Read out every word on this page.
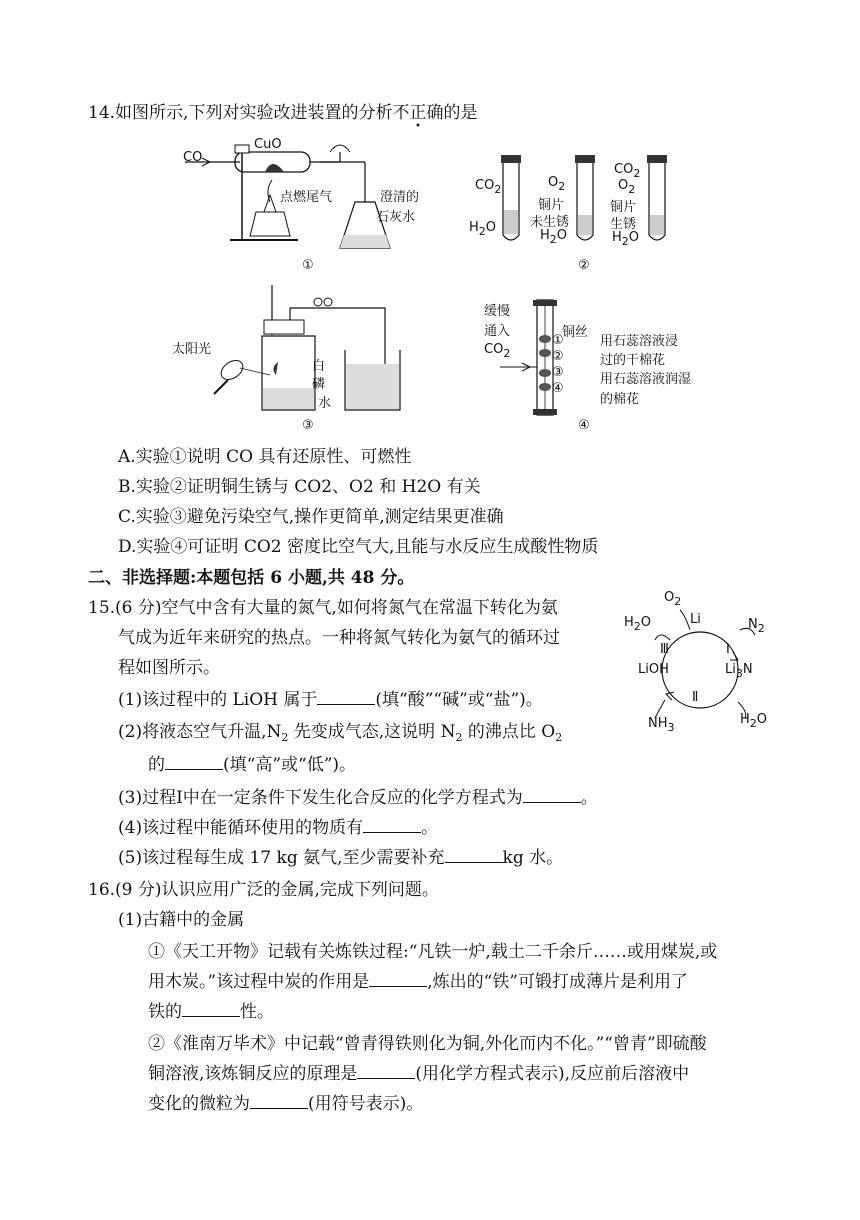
14.如图所示,下列对实验改进装置的分析不正确的是
CO
CuO
点燃尾气	澄清的
石灰水
①
$CO_2$
$H_2O$
$O_2$
铜片
未生锈
$H_2O$
$CO_2$
$O_2$
铜片
生锈
$H_2O$
②
太阳光
白
磷
水
③
缓慢
通入
$CO_2$
铜丝
①
②
③
④
用石蕊溶液浸
过的干棉花
用石蕊溶液润湿
的棉花
④
A.实验①说明 CO 具有还原性、可燃性
B.实验②证明铜生锈与 CO2、O2 和 H2O 有关
C.实验③避免污染空气,操作更简单,测定结果更准确
D.实验④可证明 CO2 密度比空气大,且能与水反应生成酸性物质
二、非选择题:本题包括 6 小题,共 48 分。
15.(6 分)空气中含有大量的氮气,如何将氮气在常温下转化为氨
气成为近年来研究的热点。一种将氮气转化为氨气的循环过
程如图所示。
(1)该过程中的 LiOH 属于	(填“酸”“碱”或“盐”)。
(2)将液态空气升温$,N_2$ 先变成气态,这说明 $N_2$ 的沸点比 $O_2$
的	(填“高”或“低”)。
(3)过程Ⅰ中在一定条件下发生化合反应的化学方程式为	。
(4)该过程中能循环使用的物质有	。
(5)该过程每生成 17 kg 氨气,至少需要补充	kg 水。
$O_2$
$H_2O$	Li	$N_2$
Ⅲ	Ⅰ
LiOH	$Li_3N$
Ⅱ
$NH_3$
$H_2O$
16.(9 分)认识应用广泛的金属,完成下列问题。
(1)古籍中的金属
①《天工开物》记载有关炼铁过程:“凡铁一炉,载土二千余斤……或用煤炭,或
用木炭。”该过程中炭的作用是	,炼出的“铁”可锻打成薄片是利用了
铁的	性。
②《淮南万毕术》中记载“曾青得铁则化为铜,外化而内不化。”“曾青”即硫酸
铜溶液,该炼铜反应的原理是	(用化学方程式表示),反应前后溶液中
变化的微粒为	(用符号表示)。
